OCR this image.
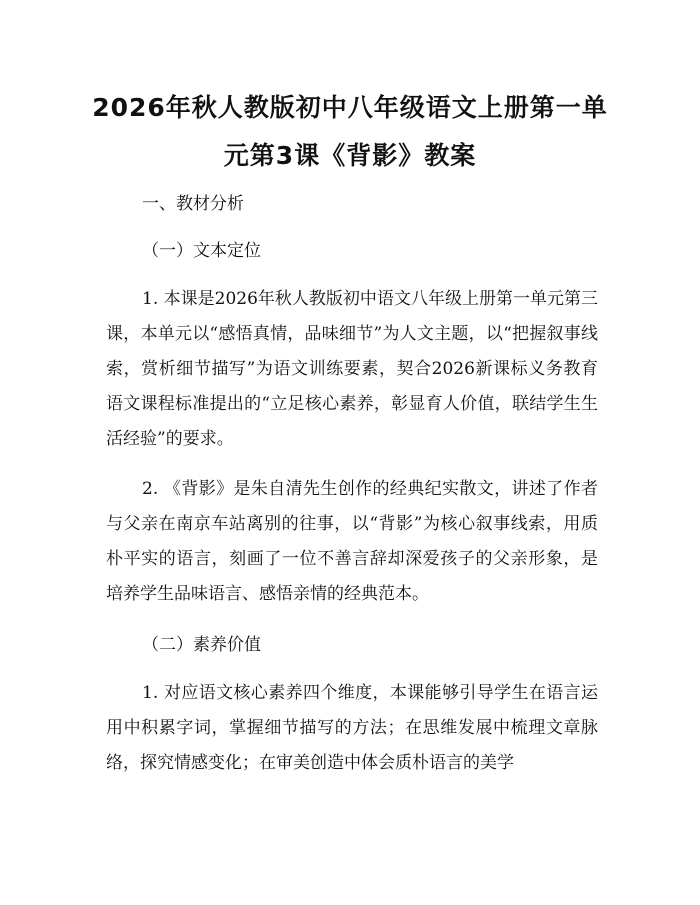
2026年秋人教版初中八年级语文上册第一单
元第3课《背影》教案

一、教材分析

（一）文本定位

1. 本课是2026年秋人教版初中语文八年级上册第一单元第三课，本单元以“感悟真情，品味细节”为人文主题，以“把握叙事线索，赏析细节描写”为语文训练要素，契合2026新课标义务教育语文课程标准提出的“立足核心素养，彰显育人价值，联结学生生活经验”的要求。

2. 《背影》是朱自清先生创作的经典纪实散文，讲述了作者与父亲在南京车站离别的往事，以“背影”为核心叙事线索，用质朴平实的语言，刻画了一位不善言辞却深爱孩子的父亲形象，是培养学生品味语言、感悟亲情的经典范本。

（二）素养价值

1. 对应语文核心素养四个维度，本课能够引导学生在语言运用中积累字词，掌握细节描写的方法；在思维发展中梳理文章脉络，探究情感变化；在审美创造中体会质朴语言的美学
